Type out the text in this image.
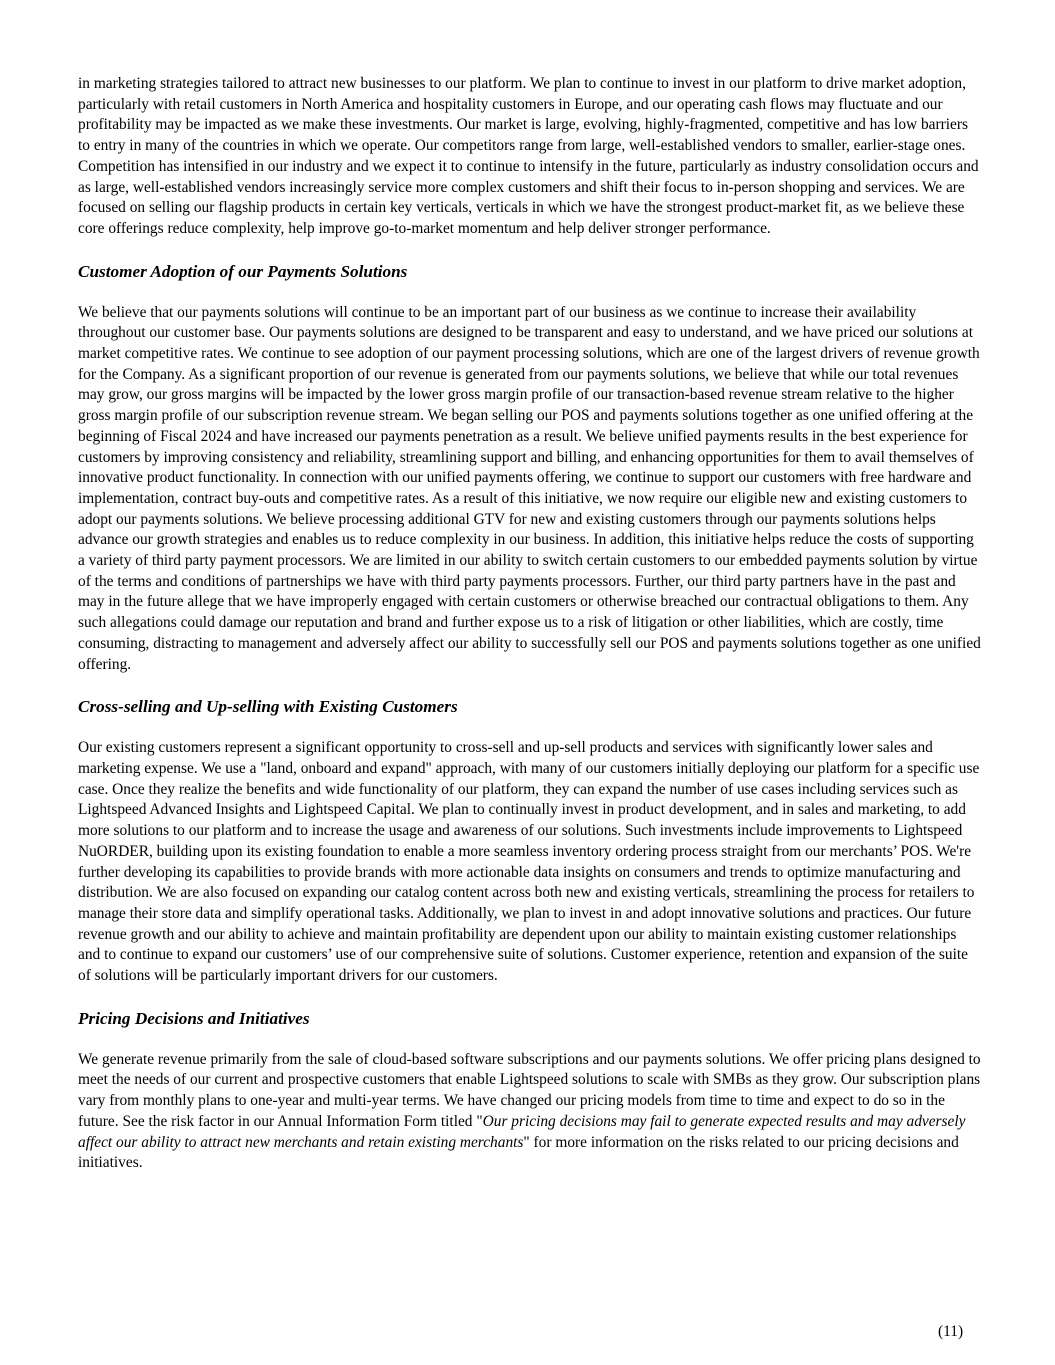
in marketing strategies tailored to attract new businesses to our platform. We plan to continue to invest in our platform to drive market adoption, particularly with retail customers in North America and hospitality customers in Europe, and our operating cash flows may fluctuate and our profitability may be impacted as we make these investments. Our market is large, evolving, highly-fragmented, competitive and has low barriers to entry in many of the countries in which we operate. Our competitors range from large, well-established vendors to smaller, earlier-stage ones. Competition has intensified in our industry and we expect it to continue to intensify in the future, particularly as industry consolidation occurs and as large, well-established vendors increasingly service more complex customers and shift their focus to in-person shopping and services. We are focused on selling our flagship products in certain key verticals, verticals in which we have the strongest product-market fit, as we believe these core offerings reduce complexity, help improve go-to-market momentum and help deliver stronger performance.

Customer Adoption of our Payments Solutions

We believe that our payments solutions will continue to be an important part of our business as we continue to increase their availability throughout our customer base. Our payments solutions are designed to be transparent and easy to understand, and we have priced our solutions at market competitive rates. We continue to see adoption of our payment processing solutions, which are one of the largest drivers of revenue growth for the Company. As a significant proportion of our revenue is generated from our payments solutions, we believe that while our total revenues may grow, our gross margins will be impacted by the lower gross margin profile of our transaction-based revenue stream relative to the higher gross margin profile of our subscription revenue stream. We began selling our POS and payments solutions together as one unified offering at the beginning of Fiscal 2024 and have increased our payments penetration as a result. We believe unified payments results in the best experience for customers by improving consistency and reliability, streamlining support and billing, and enhancing opportunities for them to avail themselves of innovative product functionality. In connection with our unified payments offering, we continue to support our customers with free hardware and implementation, contract buy-outs and competitive rates. As a result of this initiative, we now require our eligible new and existing customers to adopt our payments solutions. We believe processing additional GTV for new and existing customers through our payments solutions helps advance our growth strategies and enables us to reduce complexity in our business. In addition, this initiative helps reduce the costs of supporting a variety of third party payment processors. We are limited in our ability to switch certain customers to our embedded payments solution by virtue of the terms and conditions of partnerships we have with third party payments processors. Further, our third party partners have in the past and may in the future allege that we have improperly engaged with certain customers or otherwise breached our contractual obligations to them. Any such allegations could damage our reputation and brand and further expose us to a risk of litigation or other liabilities, which are costly, time consuming, distracting to management and adversely affect our ability to successfully sell our POS and payments solutions together as one unified offering.

Cross-selling and Up-selling with Existing Customers

Our existing customers represent a significant opportunity to cross-sell and up-sell products and services with significantly lower sales and marketing expense. We use a "land, onboard and expand" approach, with many of our customers initially deploying our platform for a specific use case. Once they realize the benefits and wide functionality of our platform, they can expand the number of use cases including services such as Lightspeed Advanced Insights and Lightspeed Capital. We plan to continually invest in product development, and in sales and marketing, to add more solutions to our platform and to increase the usage and awareness of our solutions. Such investments include improvements to Lightspeed NuORDER, building upon its existing foundation to enable a more seamless inventory ordering process straight from our merchants’ POS. We're further developing its capabilities to provide brands with more actionable data insights on consumers and trends to optimize manufacturing and distribution. We are also focused on expanding our catalog content across both new and existing verticals, streamlining the process for retailers to manage their store data and simplify operational tasks. Additionally, we plan to invest in and adopt innovative solutions and practices. Our future revenue growth and our ability to achieve and maintain profitability are dependent upon our ability to maintain existing customer relationships and to continue to expand our customers’ use of our comprehensive suite of solutions. Customer experience, retention and expansion of the suite of solutions will be particularly important drivers for our customers.

Pricing Decisions and Initiatives

We generate revenue primarily from the sale of cloud-based software subscriptions and our payments solutions. We offer pricing plans designed to meet the needs of our current and prospective customers that enable Lightspeed solutions to scale with SMBs as they grow. Our subscription plans vary from monthly plans to one-year and multi-year terms. We have changed our pricing models from time to time and expect to do so in the future. See the risk factor in our Annual Information Form titled "Our pricing decisions may fail to generate expected results and may adversely affect our ability to attract new merchants and retain existing merchants" for more information on the risks related to our pricing decisions and initiatives.

(11)
